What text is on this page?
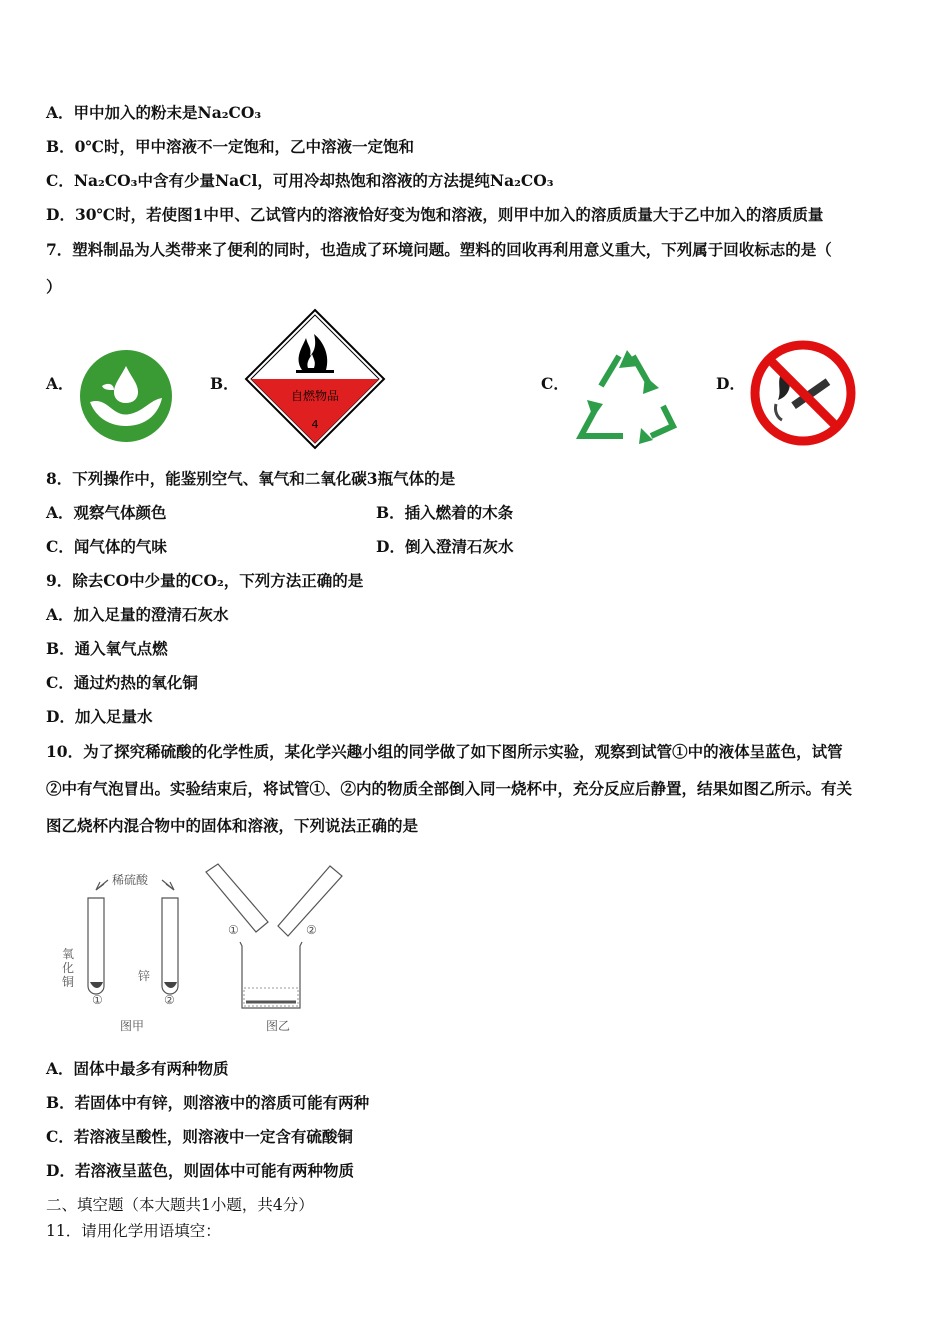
A．甲中加入的粉末是Na₂CO₃
B．0℃时，甲中溶液不一定饱和，乙中溶液一定饱和
C．Na₂CO₃中含有少量NaCl，可用冷却热饱和溶液的方法提纯Na₂CO₃
D．30℃时，若使图1中甲、乙试管内的溶液恰好变为饱和溶液，则甲中加入的溶质质量大于乙中加入的溶质质量
7．塑料制品为人类带来了便利的同时，也造成了环境问题。塑料的回收再利用意义重大，下列属于回收标志的是（
）
A．	B．
自燃物品
4
C．	D．
8．下列操作中，能鉴别空气、氧气和二氧化碳3瓶气体的是
A．观察气体颜色	B．插入燃着的木条
C．闻气体的气味	D．倒入澄清石灰水
9．除去CO中少量的CO₂，下列方法正确的是
A．加入足量的澄清石灰水
B．通入氧气点燃
C．通过灼热的氧化铜
D．加入足量水
10．为了探究稀硫酸的化学性质，某化学兴趣小组的同学做了如下图所示实验，观察到试管①中的液体呈蓝色，试管
②中有气泡冒出。实验结束后，将试管①、②内的物质全部倒入同一烧杯中，充分反应后静置，结果如图乙所示。有关
图乙烧杯内混合物中的固体和溶液，下列说法正确的是
稀硫酸
氧
化
铜	锌
①	②
图甲
①	②
图乙
A．固体中最多有两种物质
B．若固体中有锌，则溶液中的溶质可能有两种
C．若溶液呈酸性，则溶液中一定含有硫酸铜
D．若溶液呈蓝色，则固体中可能有两种物质
二、填空题（本大题共1小题，共4分）
11．请用化学用语填空：
